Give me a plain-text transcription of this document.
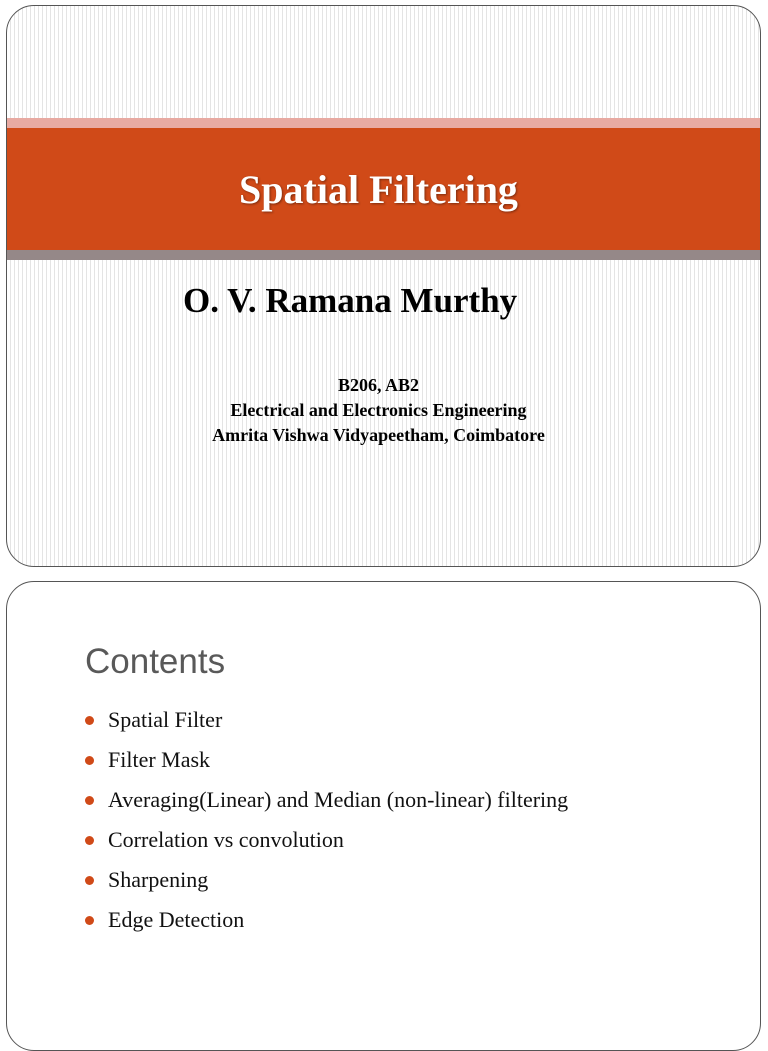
Spatial Filtering
O. V. Ramana Murthy
B206, AB2
Electrical and Electronics Engineering
Amrita Vishwa Vidyapeetham, Coimbatore
Contents
Spatial Filter
Filter Mask
Averaging(Linear) and Median (non-linear) filtering
Correlation vs convolution
Sharpening
Edge Detection
